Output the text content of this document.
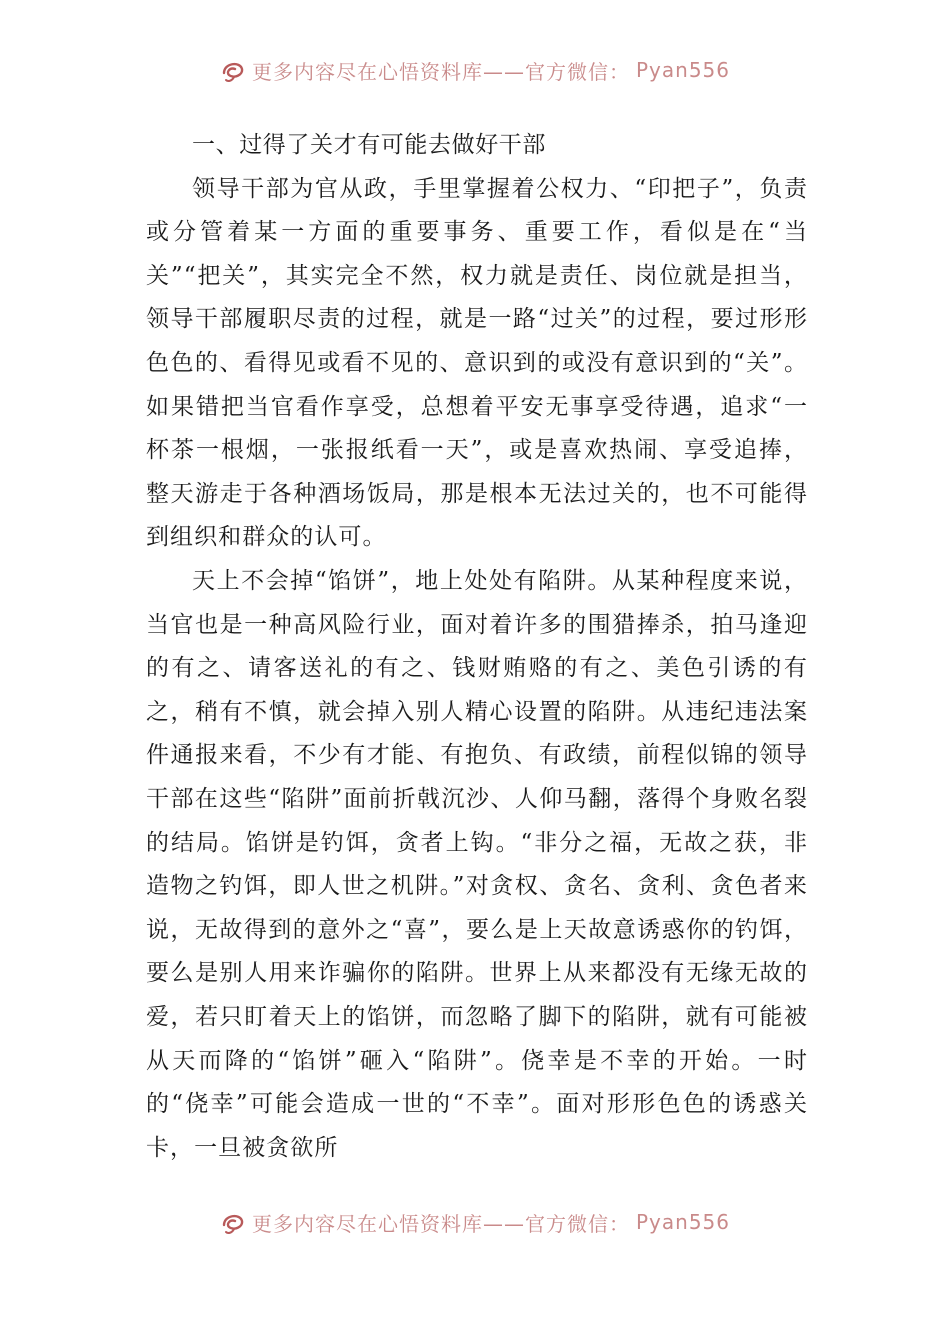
更多内容尽在心悟资料库——官方微信： Pyan556

一、过得了关才有可能去做好干部

领导干部为官从政，手里掌握着公权力、“印把子”，负责或分管着某一方面的重要事务、重要工作，看似是在“当关”“把关”，其实完全不然，权力就是责任、岗位就是担当，领导干部履职尽责的过程，就是一路“过关”的过程，要过形形色色的、看得见或看不见的、意识到的或没有意识到的“关”。如果错把当官看作享受，总想着平安无事享受待遇，追求“一杯茶一根烟，一张报纸看一天”，或是喜欢热闹、享受追捧，整天游走于各种酒场饭局，那是根本无法过关的，也不可能得到组织和群众的认可。

天上不会掉“馅饼”，地上处处有陷阱。从某种程度来说，当官也是一种高风险行业，面对着许多的围猎捧杀，拍马逢迎的有之、请客送礼的有之、钱财贿赂的有之、美色引诱的有之，稍有不慎，就会掉入别人精心设置的陷阱。从违纪违法案件通报来看，不少有才能、有抱负、有政绩，前程似锦的领导干部在这些“陷阱”面前折戟沉沙、人仰马翻，落得个身败名裂的结局。馅饼是钓饵，贪者上钩。“非分之福，无故之获，非造物之钓饵，即人世之机阱。”对贪权、贪名、贪利、贪色者来说，无故得到的意外之“喜”，要么是上天故意诱惑你的钓饵，要么是别人用来诈骗你的陷阱。世界上从来都没有无缘无故的爱，若只盯着天上的馅饼，而忽略了脚下的陷阱，就有可能被从天而降的“馅饼”砸入“陷阱”。侥幸是不幸的开始。一时的“侥幸”可能会造成一世的“不幸”。面对形形色色的诱惑关卡，一旦被贪欲所

更多内容尽在心悟资料库——官方微信： Pyan556
